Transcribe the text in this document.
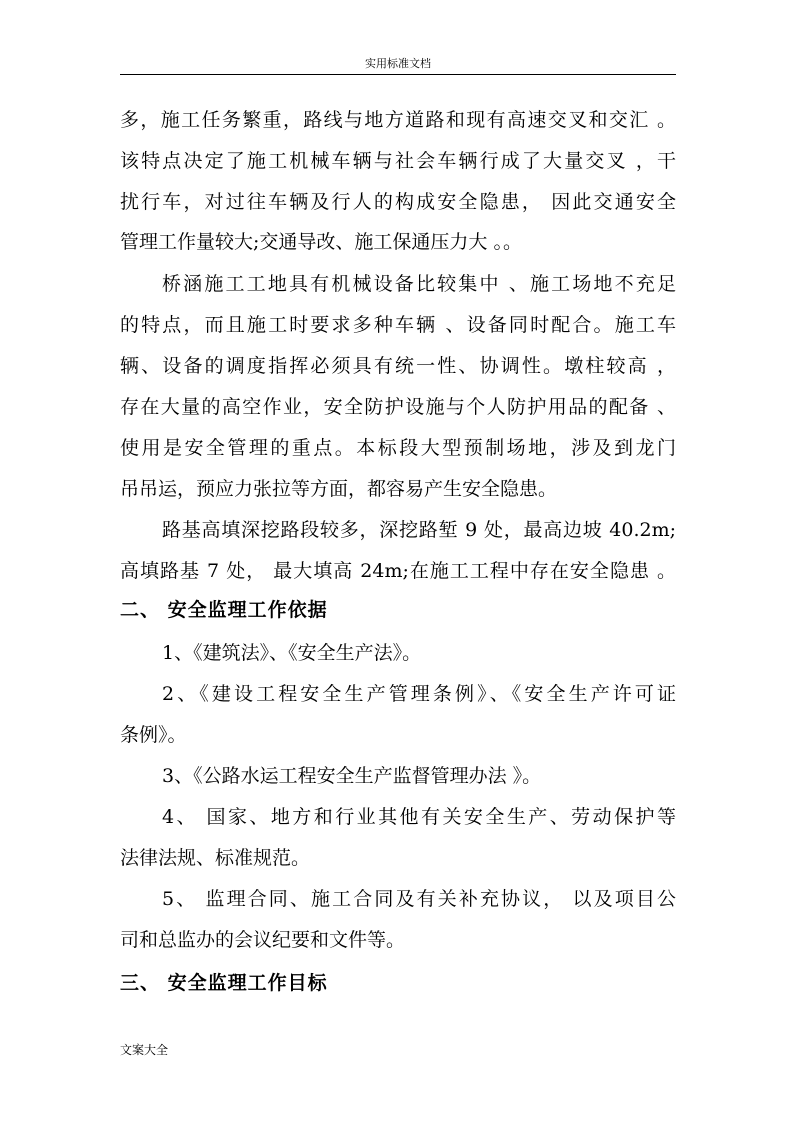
实用标准文档
多，施工任务繁重，路线与地方道路和现有高速交叉和交汇 。
该特点决定了施工机械车辆与社会车辆行成了大量交叉 ，干
扰行车，对过往车辆及行人的构成安全隐患， 因此交通安全
管理工作量较大;交通导改、施工保通压力大 。。
桥涵施工工地具有机械设备比较集中 、施工场地不充足
的特点，而且施工时要求多种车辆 、设备同时配合。施工车
辆、设备的调度指挥必须具有统一性、协调性。墩柱较高 ，
存在大量的高空作业，安全防护设施与个人防护用品的配备 、
使用是安全管理的重点。本标段大型预制场地，涉及到龙门
吊吊运，预应力张拉等方面，都容易产生安全隐患。
路基高填深挖路段较多，深挖路堑 9 处，最高边坡 40.2m;
高填路基 7 处， 最大填高 24m;在施工工程中存在安全隐患 。
二、 安全监理工作依据
1、《建筑法》、《安全生产法》。
2、《建设工程安全生产管理条例》、《安全生产许可证
条例》。
3、《公路水运工程安全生产监督管理办法 》。
4、 国家、地方和行业其他有关安全生产、劳动保护等
法律法规、标准规范。
5、 监理合同、施工合同及有关补充协议， 以及项目公
司和总监办的会议纪要和文件等。
三、 安全监理工作目标
文案大全
